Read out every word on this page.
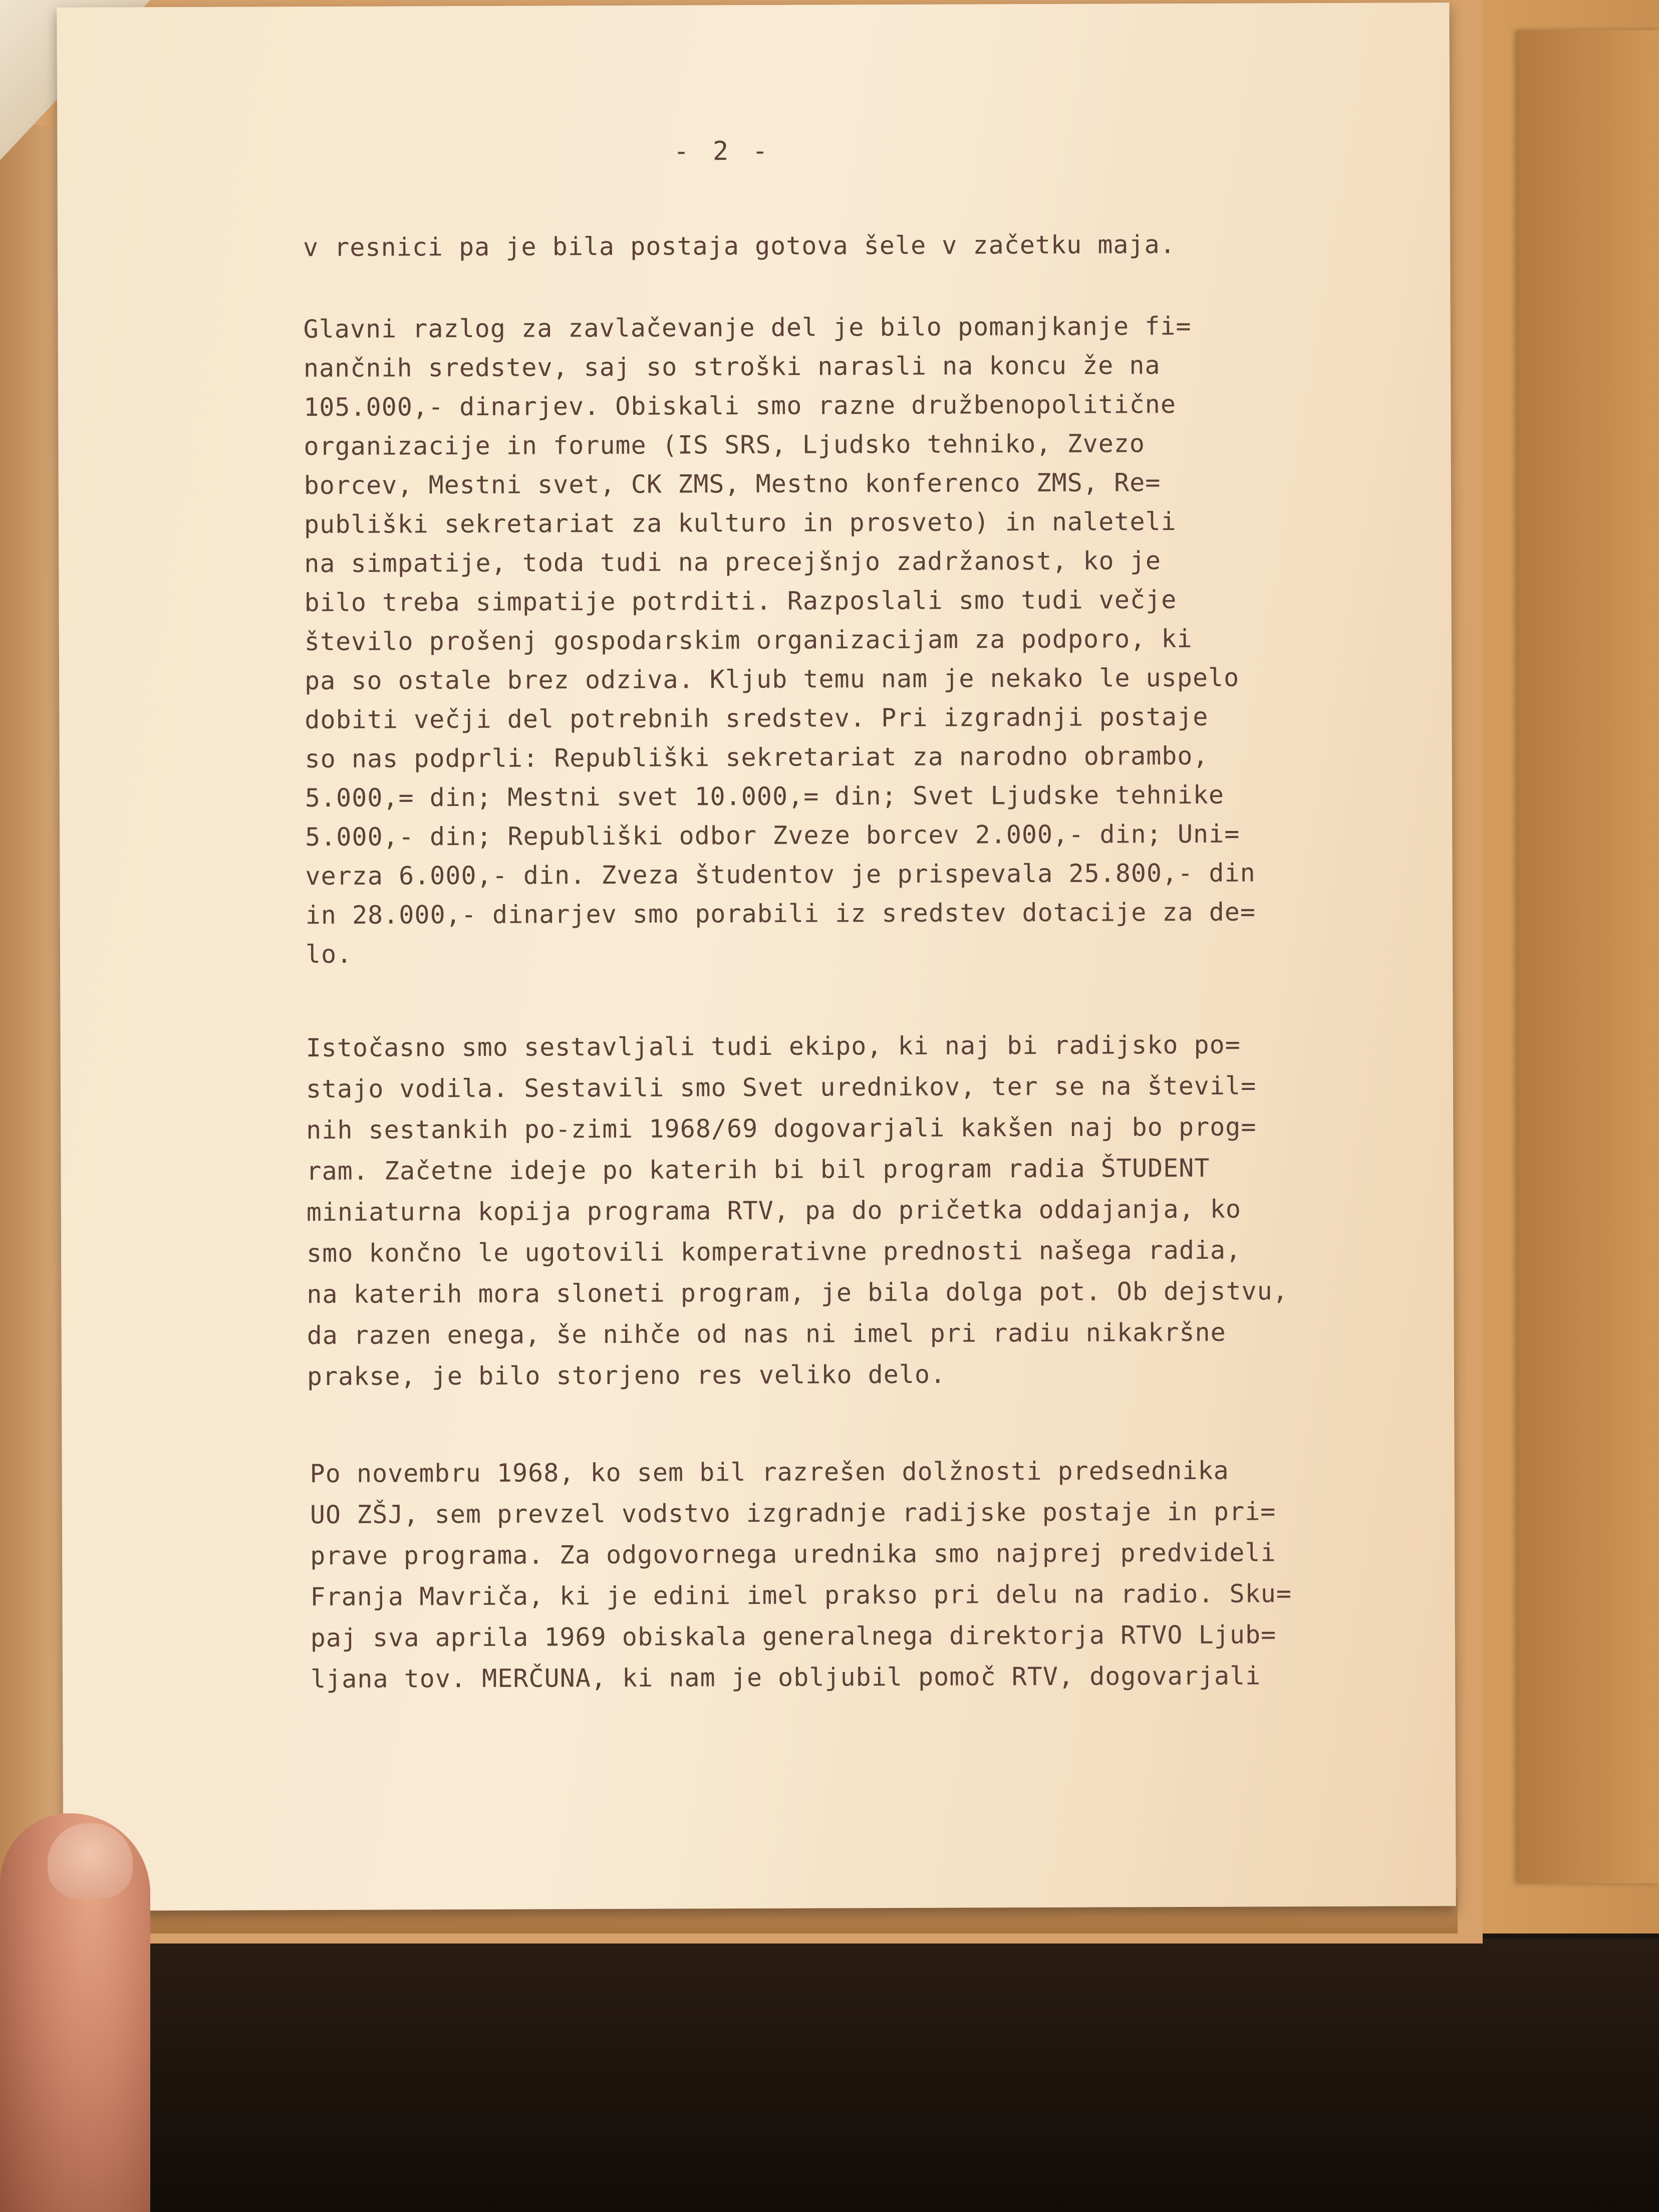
- 2 -
v resnici pa je bila postaja gotova šele v začetku maja.
Glavni razlog za zavlačevanje del je bilo pomanjkanje fi=
nančnih sredstev, saj so stroški narasli na koncu že na
105.000,- dinarjev. Obiskali smo razne družbenopolitične
organizacije in forume (IS SRS, Ljudsko tehniko, Zvezo
borcev, Mestni svet, CK ZMS, Mestno konferenco ZMS, Re=
publiški sekretariat za kulturo in prosveto) in naleteli
na simpatije, toda tudi na precejšnjo zadržanost, ko je
bilo treba simpatije potrditi. Razposlali smo tudi večje
število prošenj gospodarskim organizacijam za podporo, ki
pa so ostale brez odziva. Kljub temu nam je nekako le uspelo
dobiti večji del potrebnih sredstev. Pri izgradnji postaje
so nas podprli: Republiški sekretariat za narodno obrambo,
5.000,= din; Mestni svet 10.000,= din; Svet Ljudske tehnike
5.000,- din; Republiški odbor Zveze borcev 2.000,- din; Uni=
verza 6.000,- din. Zveza študentov je prispevala 25.800,- din
in 28.000,- dinarjev smo porabili iz sredstev dotacije za de=
lo.
Istočasno smo sestavljali tudi ekipo, ki naj bi radijsko po=
stajo vodila. Sestavili smo Svet urednikov, ter se na števil=
nih sestankih po-zimi 1968/69 dogovarjali kakšen naj bo prog=
ram. Začetne ideje po katerih bi bil program radia ŠTUDENT
miniaturna kopija programa RTV, pa do pričetka oddajanja, ko
smo končno le ugotovili komperativne prednosti našega radia,
na katerih mora sloneti program, je bila dolga pot. Ob dejstvu,
da razen enega, še nihče od nas ni imel pri radiu nikakršne
prakse, je bilo storjeno res veliko delo.
Po novembru 1968, ko sem bil razrešen dolžnosti predsednika
UO ZŠJ, sem prevzel vodstvo izgradnje radijske postaje in pri=
prave programa. Za odgovornega urednika smo najprej predvideli
Franja Mavriča, ki je edini imel prakso pri delu na radio. Sku=
paj sva aprila 1969 obiskala generalnega direktorja RTVO Ljub=
ljana tov. MERČUNA, ki nam je obljubil pomoč RTV, dogovarjali
